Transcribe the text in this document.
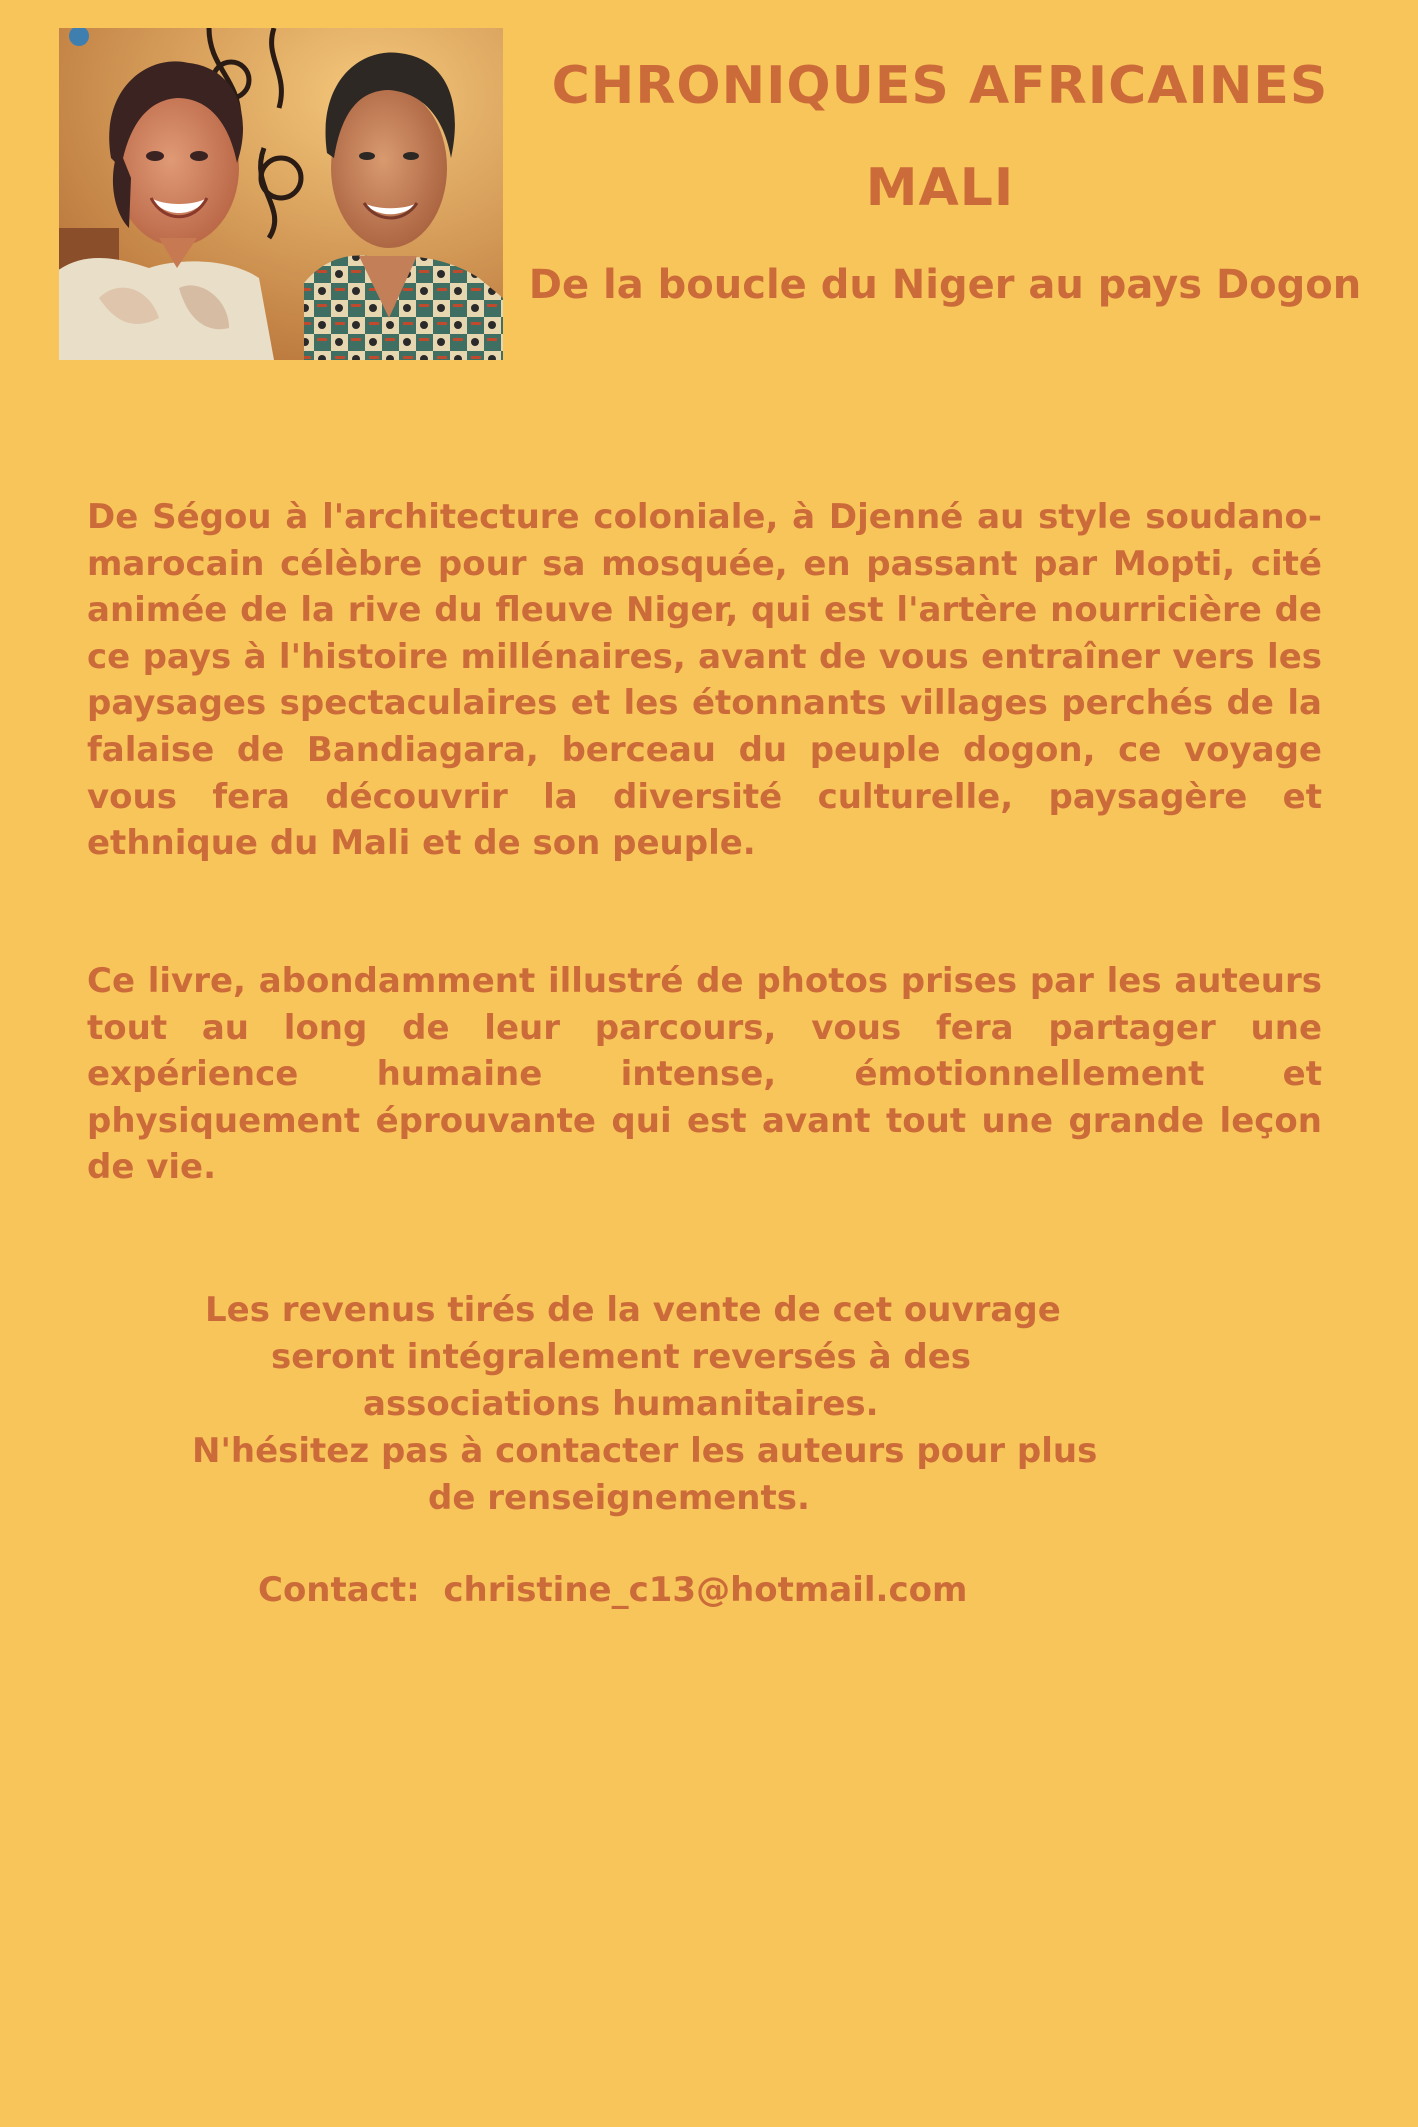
CHRONIQUES AFRICAINES
MALI
De la boucle du Niger au pays Dogon

De Ségou à l'architecture coloniale, à Djenné au style soudano-marocain célèbre pour sa mosquée, en passant par Mopti, cité animée de la rive du fleuve Niger, qui est l'artère nourricière de ce pays à l'histoire millénaires, avant de vous entraîner vers les paysages spectaculaires et les étonnants villages perchés de la falaise de Bandiagara, berceau du peuple dogon, ce voyage vous fera découvrir la diversité culturelle, paysagère et ethnique du Mali et de son peuple.

Ce livre, abondamment illustré de photos prises par les auteurs tout au long de leur parcours, vous fera partager une expérience humaine intense, émotionnellement et physiquement éprouvante qui est avant tout une grande leçon de vie.

Les revenus tirés de la vente de cet ouvrage
seront intégralement reversés à des
associations humanitaires.
N'hésitez pas à contacter les auteurs pour plus
de renseignements.

Contact: christine_c13@hotmail.com
